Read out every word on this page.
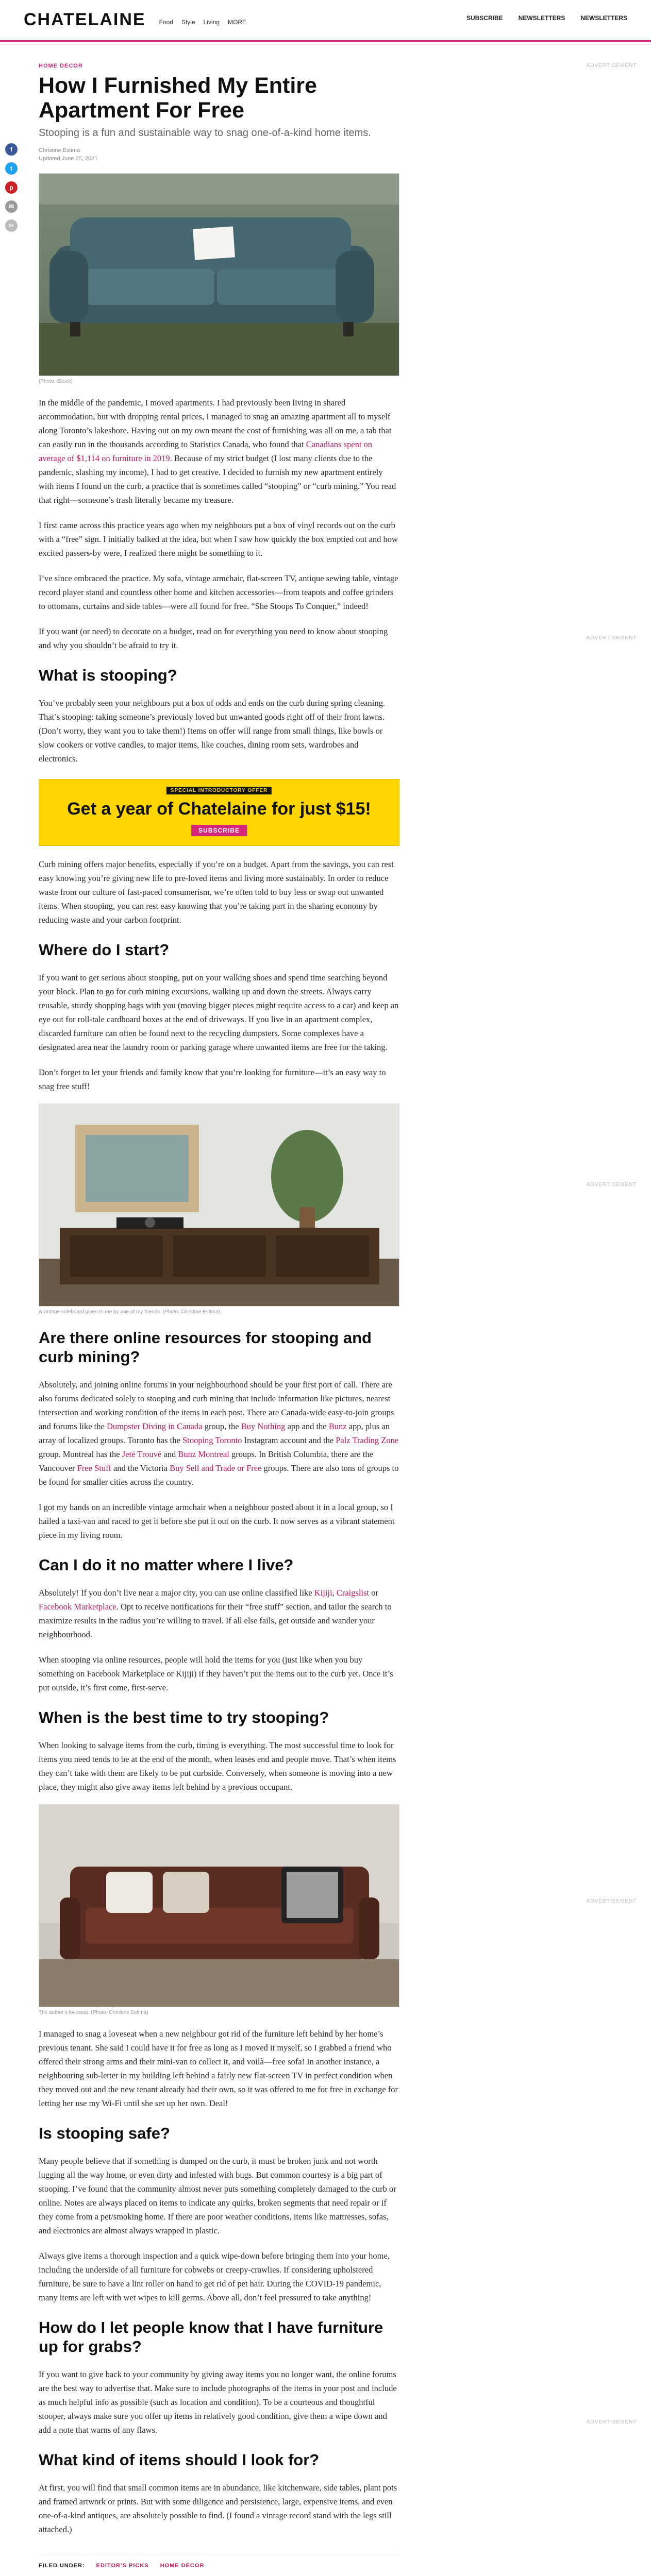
CHATELAINE Food Style Living MORE
SUBSCRIBE	NEWSLETTERS	NEWSLETTERS
f
t
p
✉
✂
HOME DECOR
How I Furnished My Entire Apartment For Free
Stooping is a fun and sustainable way to snag one-of-a-kind home items.
Christine Estima
Updated June 25, 2021
(Photo: iStock)

In the middle of the pandemic, I moved apartments. I had previously been living in shared accommodation, but with dropping rental prices, I managed to snag an amazing apartment all to myself along Toronto’s lakeshore. Having out on my own meant the cost of furnishing was all on me, a tab that can easily run in the thousands according to Statistics Canada, who found that Canadians spent on average of $1,114 on furniture in 2019. Because of my strict budget (I lost many clients due to the pandemic, slashing my income), I had to get creative. I decided to furnish my new apartment entirely with items I found on the curb, a practice that is sometimes called “stooping” or “curb mining.” You read that right—someone’s trash literally became my treasure.

I first came across this practice years ago when my neighbours put a box of vinyl records out on the curb with a “free” sign. I initially balked at the idea, but when I saw how quickly the box emptied out and how excited passers-by were, I realized there might be something to it.

I’ve since embraced the practice. My sofa, vintage armchair, flat-screen TV, antique sewing table, vintage record player stand and countless other home and kitchen accessories—from teapots and coffee grinders to ottomans, curtains and side tables—were all found for free. “She Stoops To Conquer,” indeed!

If you want (or need) to decorate on a budget, read on for everything you need to know about stooping and why you shouldn’t be afraid to try it.

What is stooping?

You’ve probably seen your neighbours put a box of odds and ends on the curb during spring cleaning. That’s stooping: taking someone’s previously loved but unwanted goods right off of their front lawns. (Don’t worry, they want you to take them!) Items on offer will range from small things, like bowls or slow cookers or votive candles, to major items, like couches, dining room sets, wardrobes and electronics.

SPECIAL INTRODUCTORY OFFER
Get a year of Chatelaine for just $15!
SUBSCRIBE

Curb mining offers major benefits, especially if you’re on a budget. Apart from the savings, you can rest easy knowing you’re giving new life to pre-loved items and living more sustainably. In order to reduce waste from our culture of fast-paced consumerism, we’re often told to buy less or swap out unwanted items. When stooping, you can rest easy knowing that you’re taking part in the sharing economy by reducing waste and your carbon footprint.

Where do I start?

If you want to get serious about stooping, put on your walking shoes and spend time searching beyond your block. Plan to go for curb mining excursions, walking up and down the streets. Always carry reusable, sturdy shopping bags with you (moving bigger pieces might require access to a car) and keep an eye out for roll-tale cardboard boxes at the end of driveways. If you live in an apartment complex, discarded furniture can often be found next to the recycling dumpsters. Some complexes have a designated area near the laundry room or parking garage where unwanted items are free for the taking.

Don’t forget to let your friends and family know that you’re looking for furniture—it’s an easy way to snag free stuff!

A vintage sideboard given to me by one of my friends. (Photo: Christine Estima)
Are there online resources for stooping and curb mining?

Absolutely, and joining online forums in your neighbourhood should be your first port of call. There are also forums dedicated solely to stooping and curb mining that include information like pictures, nearest intersection and working condition of the items in each post. There are Canada-wide easy-to-join groups and forums like the Dumpster Diving in Canada group, the Buy Nothing app and the Bunz app, plus an array of localized groups. Toronto has the Stooping Toronto Instagram account and the Palz Trading Zone group. Montreal has the Jeté Trouvé and Bunz Montreal groups. In British Columbia, there are the Vancouver Free Stuff and the Victoria Buy Sell and Trade or Free groups. There are also tons of groups to be found for smaller cities across the country.

I got my hands on an incredible vintage armchair when a neighbour posted about it in a local group, so I hailed a taxi-van and raced to get it before she put it out on the curb. It now serves as a vibrant statement piece in my living room.

Can I do it no matter where I live?

Absolutely! If you don’t live near a major city, you can use online classified like Kijiji, Craigslist or Facebook Marketplace. Opt to receive notifications for their “free stuff” section, and tailor the search to maximize results in the radius you’re willing to travel. If all else fails, get outside and wander your neighbourhood.

When stooping via online resources, people will hold the items for you (just like when you buy something on Facebook Marketplace or Kijiji) if they haven’t put the items out to the curb yet. Once it’s put outside, it’s first come, first-serve.

When is the best time to try stooping?

When looking to salvage items from the curb, timing is everything. The most successful time to look for items you need tends to be at the end of the month, when leases end and people move. That’s when items they can’t take with them are likely to be put curbside. Conversely, when someone is moving into a new place, they might also give away items left behind by a previous occupant.

The author’s loveseat. (Photo: Christine Estima)

I managed to snag a loveseat when a new neighbour got rid of the furniture left behind by her home’s previous tenant. She said I could have it for free as long as I moved it myself, so I grabbed a friend who offered their strong arms and their mini-van to collect it, and voilà—free sofa! In another instance, a neighbouring sub-letter in my building left behind a fairly new flat-screen TV in perfect condition when they moved out and the new tenant already had their own, so it was offered to me for free in exchange for letting her use my Wi-Fi until she set up her own. Deal!

Is stooping safe?

Many people believe that if something is dumped on the curb, it must be broken junk and not worth lugging all the way home, or even dirty and infested with bugs. But common courtesy is a big part of stooping. I’ve found that the community almost never puts something completely damaged to the curb or online. Notes are always placed on items to indicate any quirks, broken segments that need repair or if they come from a pet/smoking home. If there are poor weather conditions, items like mattresses, sofas, and electronics are almost always wrapped in plastic.

Always give items a thorough inspection and a quick wipe-down before bringing them into your home, including the underside of all furniture for cobwebs or creepy-crawlies. If considering upholstered furniture, be sure to have a lint roller on hand to get rid of pet hair. During the COVID-19 pandemic, many items are left with wet wipes to kill germs. Above all, don’t feel pressured to take anything!

How do I let people know that I have furniture up for grabs?

If you want to give back to your community by giving away items you no longer want, the online forums are the best way to advertise that. Make sure to include photographs of the items in your post and include as much helpful info as possible (such as location and condition). To be a courteous and thoughtful stooper, always make sure you offer up items in relatively good condition, give them a wipe down and add a note that warns of any flaws.

What kind of items should I look for?

At first, you will find that small common items are in abundance, like kitchenware, side tables, plant pots and framed artwork or prints. But with some diligence and persistence, large, expensive items, and even one-of-a-kind antiques, are absolutely possible to find. (I found a vintage record stand with the legs still attached.)

FILED UNDER: EDITOR'S PICKS HOME DECOR
ADVERTISEMENT
ADVERTISEMENT
ADVERTISEMENT
ADVERTISEMENT
ADVERTISEMENT
